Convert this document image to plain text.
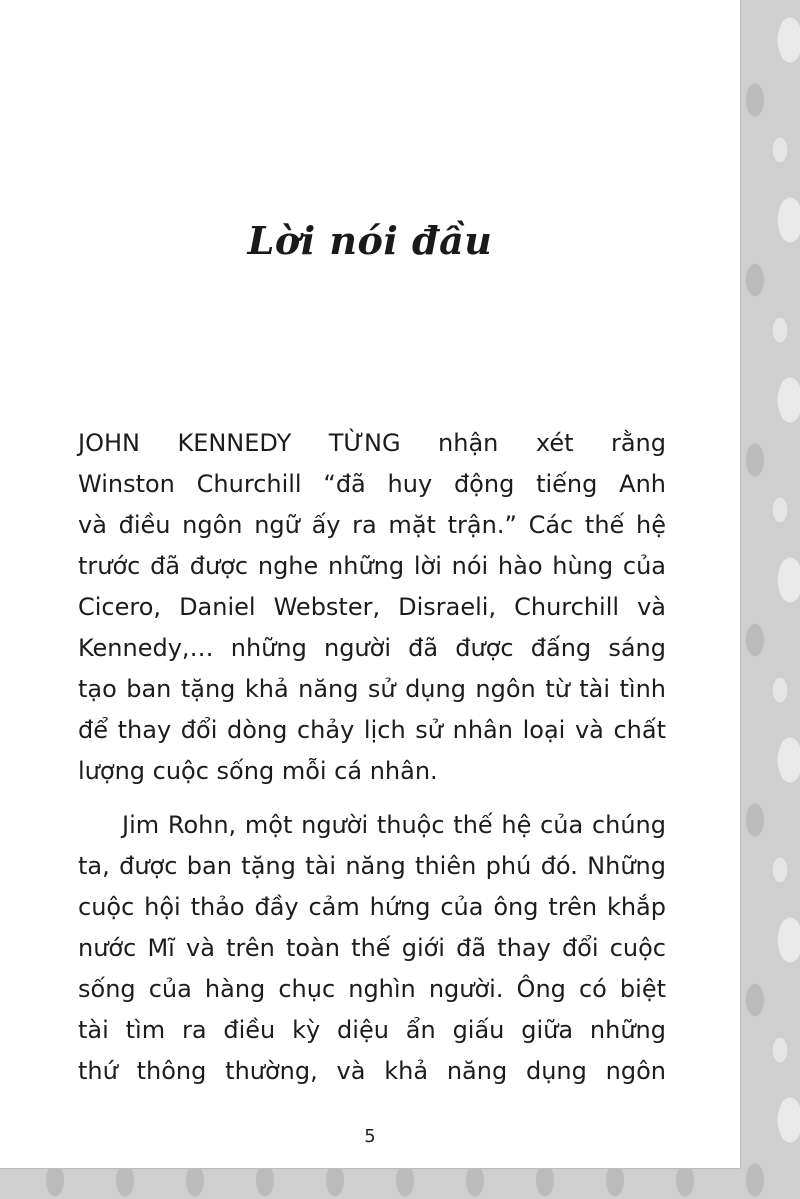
Lời nói đầu
JOHN KENNEDY TỪNG nhận xét rằng
Winston Churchill “đã huy động tiếng Anh
và điều ngôn ngữ ấy ra mặt trận.” Các thế hệ
trước đã được nghe những lời nói hào hùng của
Cicero, Daniel Webster, Disraeli, Churchill và
Kennedy,… những người đã được đấng sáng
tạo ban tặng khả năng sử dụng ngôn từ tài tình
để thay đổi dòng chảy lịch sử nhân loại và chất
lượng cuộc sống mỗi cá nhân.
Jim Rohn, một người thuộc thế hệ của chúng
ta, được ban tặng tài năng thiên phú đó. Những
cuộc hội thảo đầy cảm hứng của ông trên khắp
nước Mĩ và trên toàn thế giới đã thay đổi cuộc
sống của hàng chục nghìn người. Ông có biệt
tài tìm ra điều kỳ diệu ẩn giấu giữa những
thứ thông thường, và khả năng dụng ngôn
5
